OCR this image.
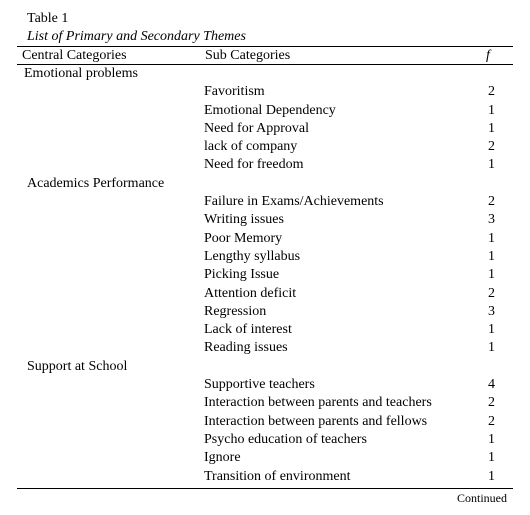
Table 1
List of Primary and Secondary Themes
Central Categories	Sub Categories	f
Emotional problems
Favoritism	2
Emotional Dependency	1
Need for Approval	1
lack of company	2
Need for freedom	1
Academics Performance
Failure in Exams/Achievements	2
Writing issues	3
Poor Memory	1
Lengthy syllabus	1
Picking Issue	1
Attention deficit	2
Regression	3
Lack of interest	1
Reading issues	1
Support at School
Supportive teachers	4
Interaction between parents and teachers	2
Interaction between parents and fellows	2
Psycho education of teachers	1
Ignore	1
Transition of environment	1
Continued
